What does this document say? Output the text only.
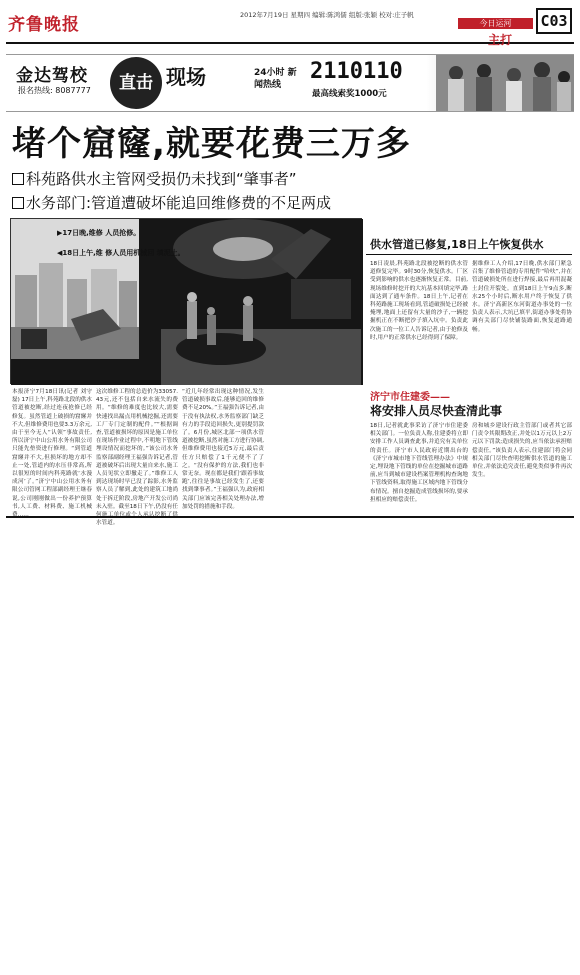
齐鲁晚报	2012年7月19日 星期四 编辑:陈鸿儒 组版:张颖 校对:庄子帆
今日运河
主打
C03
金达驾校
报名热线: 8087777	直击 现场	24小时 新闻热线
2110110
最高线索奖1000元
堵个窟窿,就要花费三万多
科苑路供水主管网受损仍未找到“肇事者”
水务部门:管道遭破坏能追回维修费的不足两成
▶17日晚,维修 人员抢修。
◀18日上午,维 修人员用机械回 填泥土。
供水管道已修复,18日上午恢复供水
济宁市住建委——
将安排人员尽快查清此事
本报济宁7月18日讯(记者 刘守磊) 17日上午,科苑路北段的供水管道被挖断,经过连夜抢修已经修复。虽然管道上破损的窟窿并不大,但维修费用也要3.3万余元,由于至今无人“认领”事故责任,所以济宁中山公用水务有限公司只能先垫资进行修理。“到管道窟窿并不大,但损坏的地方却不止一处,管道内的水压非常高,所以很短的时间内科苑路就‘水漫成河’了。”济宁中山公用水务有限公司管网工程部副经理王继春说,公司刚刚做出一份养护预算书,人工费、材料费、施工机械
这次维修工程的总造价为33057.43元,还不包括自来水流失的费用。“维修的难度也比较大,需要快速找出漏点用机械挖掘,还需要工厂专门定制的配件。”“根据调查,管道被损坏的原因是施工单位在现场作业过程中,不明地下管线埋设情况而挖坏的。”该公司水务监察部副经理王福强告诉记者,管道被破坏后出现大量自来水,施工人员见状立即撤走了。”维修工人到达现场时早已没了踪影,水务监察人员了解到,此处的建筑工地尚处于拆迁阶段,房地产开发公司尚未入驻。截至18日下午,仍没有任 水管道。
“近几年经常出现这种情况,发生管道破损事故后,能够追回的维修费不足20%。”王福强告诉记者,由于没有执法权,水务监察部门缺乏有力的手段追回损失,更别提罚款了。6月份,城区北部一项供水管道被挖断,虽然对施工方进行协调,但维修费用也接近5万元,最后责任方只赔偿了1千元便不了了之。“没有保护的方法,我们也非常无奈。现在都是我们‘跟着事故跑’,往往是事故已经发生了,还要找到肇事者。”王福强认为,政府相关部门应该完善相关处理办法,增加处罚的措施和手段。
18日凌晨,科苑路北段被挖断的供水管道修复完毕。9时30分,恢复供水。厂区受到影响的供水也逐渐恢复正常。目前,现场维修时挖开的大坑基本回填完毕,路面达到了通车条件。18日上午,记者在科苑路施工现场看到,管道破损处已经被掩埋,地面上还留有大量的沙子,一辆挖掘机正在不断把沙子填入坑中。负责此次施工的一位工人告诉记者,由于抢修及时,用户的正常供水已经得到了保障。
据维修工人介绍,17日晚,供水部门紧急召集了维修管道的专用配件“哈呋”,并在管道破损处所在进行焊接,最后再用混凝土封住开裂处。直到18日上午9点多,断水25个小时后,断水用户终于恢复了供水。济宁高新区东河街道办事处的一位负责人表示,大坑已填平,街道办事处将协调有关部门尽快铺装路面,恢复道路通畅。
18日,记者就此事采访了济宁市住建委相关部门。一位负责人称,住建委将立即安排工作人员调查此事,并追究有关单位的责任。济宁市人民政府近期出台的《济宁市城市地下管线管理办法》中规定,埋设地下管线的单位在挖掘城市道路前,应当到城市建设档案管理机构查询地下管线资料,取得施工区域内地下管线分布情况。擅自挖掘造成管线损坏的,要承担相应的赔偿责任。
房和城乡建设行政主管部门或者其它部门责令其限期改正,并处以1万元以上2万元以下罚款;造成损失的,应当依法承担赔偿责任。”该负责人表示,住建部门将会同相关部门尽快查明挖断供水管道的施工单位,并依法追究责任,避免类似事件再次发生。
